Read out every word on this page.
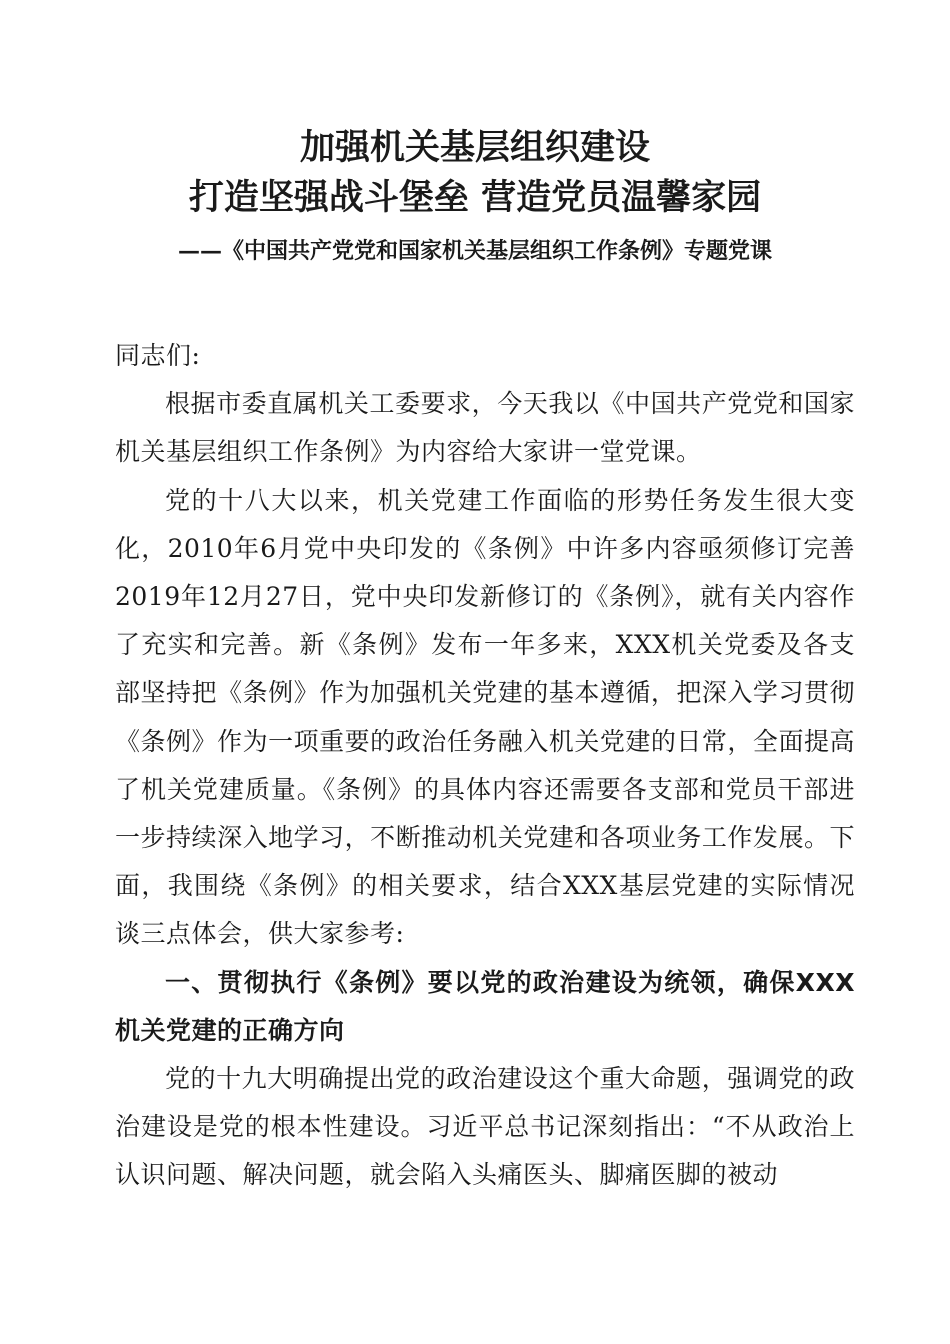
加强机关基层组织建设
打造坚强战斗堡垒 营造党员温馨家园
——《中国共产党党和国家机关基层组织工作条例》专题党课

同志们:

根据市委直属机关工委要求，今天我以《中国共产党党和国家机关基层组织工作条例》为内容给大家讲一堂党课。

党的十八大以来，机关党建工作面临的形势任务发生很大变化，2010年6月党中央印发的《条例》中许多内容亟须修订完善2019年12月27日，党中央印发新修订的《条例》，就有关内容作了充实和完善。新《条例》发布一年多来，XXX机关党委及各支部坚持把《条例》作为加强机关党建的基本遵循，把深入学习贯彻《条例》作为一项重要的政治任务融入机关党建的日常，全面提高了机关党建质量。《条例》的具体内容还需要各支部和党员干部进一步持续深入地学习，不断推动机关党建和各项业务工作发展。下面，我围绕《条例》的相关要求，结合XXX基层党建的实际情况谈三点体会，供大家参考:

一、贯彻执行《条例》要以党的政治建设为统领，确保XXX机关党建的正确方向

党的十九大明确提出党的政治建设这个重大命题，强调党的政治建设是党的根本性建设。习近平总书记深刻指出：“不从政治上认识问题、解决问题，就会陷入头痛医头、脚痛医脚的被动
